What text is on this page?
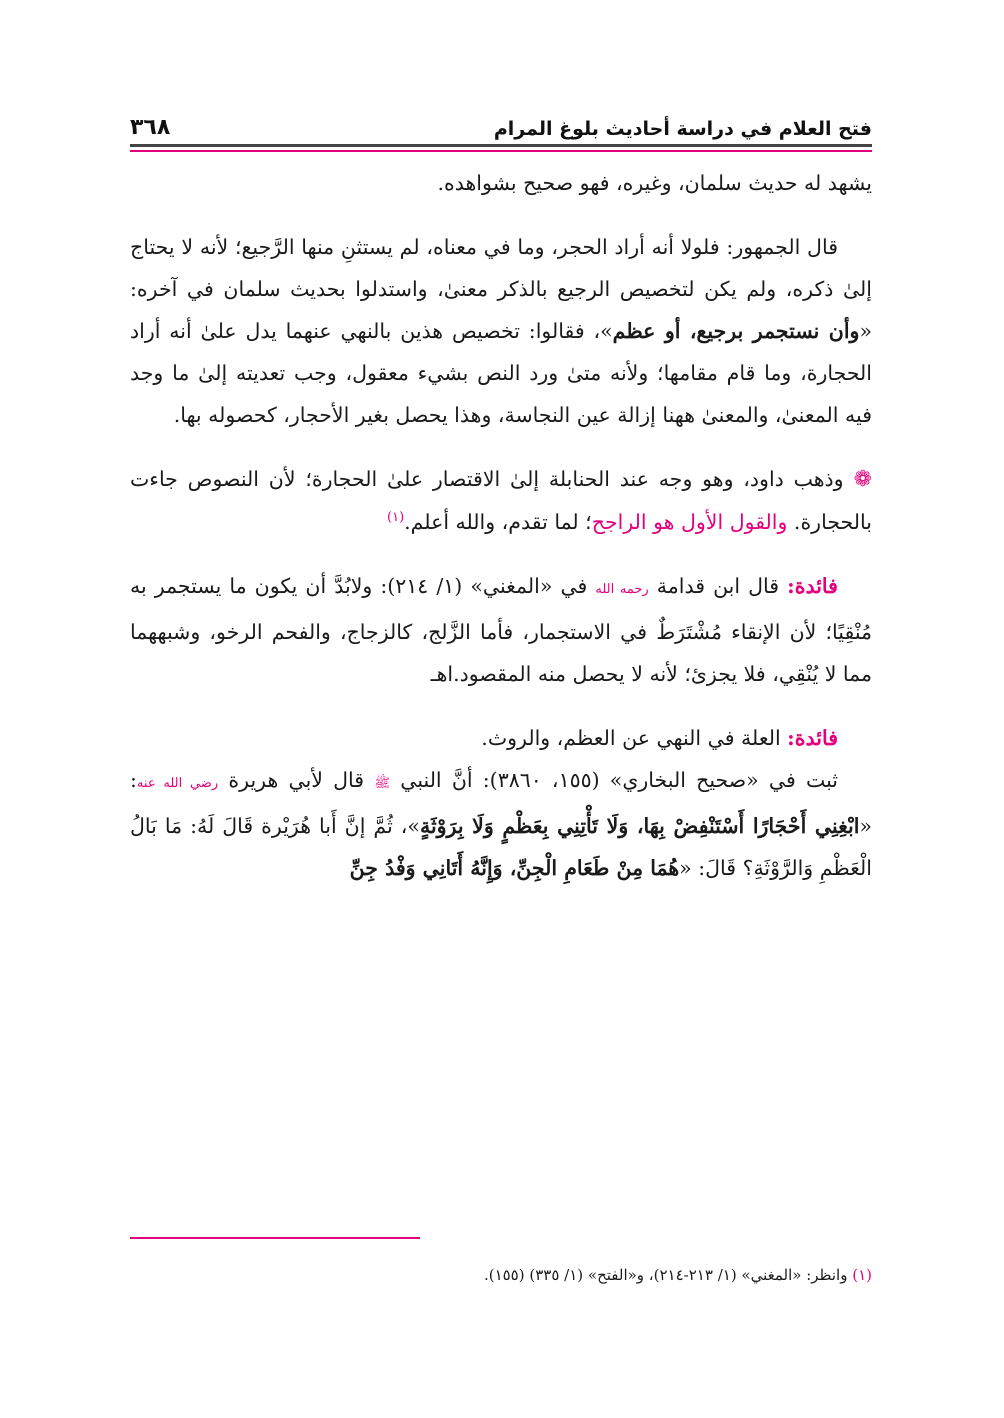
فتح العلام في دراسة أحاديث بلوغ المرام
٣٦٨

يشهد له حديث سلمان، وغيره، فهو صحيح بشواهده.

قال الجمهور: فلولا أنه أراد الحجر، وما في معناه، لم يستثنِ منها الرَّجيع؛ لأنه لا يحتاج إلىٰ ذكره، ولم يكن لتخصيص الرجيع بالذكر معنىٰ، واستدلوا بحديث سلمان في آخره: «وأن نستجمر برجيع، أو عظم»، فقالوا: تخصيص هذين بالنهي عنهما يدل علىٰ أنه أراد الحجارة، وما قام مقامها؛ ولأنه متىٰ ورد النص بشيء معقول، وجب تعديته إلىٰ ما وجد فيه المعنىٰ، والمعنىٰ ههنا إزالة عين النجاسة، وهذا يحصل بغير الأحجار، كحصوله بها.

❁وذهب داود، وهو وجه عند الحنابلة إلىٰ الاقتصار علىٰ الحجارة؛ لأن النصوص جاءت بالحجارة. والقول الأول هو الراجح؛ لما تقدم، والله أعلم.$^{(١)}$

فائدة: قال ابن قدامة رحمه الله في «المغني» (١/ ٢١٤): ولابُدَّ أن يكون ما يستجمر به مُنْقِيًا؛ لأن الإنقاء مُشْتَرَطٌ في الاستجمار، فأما الزَّلج، كالزجاج، والفحم الرخو، وشبههما مما لا يُنْقِي، فلا يجزئ؛ لأنه لا يحصل منه المقصود.اهـ

فائدة: العلة في النهي عن العظم، والروث.

ثبت في «صحيح البخاري» (١٥٥، ٣٨٦٠): أنَّ النبي ﷺ قال لأبي هريرة رضي الله عنه: «ابْغِنِي أَحْجَارًا أَسْتَنْفِضْ بِهَا، وَلَا تَأْتِنِي بِعَظْمٍ وَلَا بِرَوْثَةٍ»، ثُمَّ إنَّ أَبا هُرَيْرة قَالَ لَهُ: مَا بَالُ الْعَظْمِ وَالرَّوْثَةِ؟ قَالَ: «هُمَا مِنْ طَعَامِ الْجِنِّ، وَإِنَّهُ أَتَانِي وَفْدُ جِنِّ

(١) وانظر: «المغني» (١/ ٢١٣-٢١٤)، و«الفتح» (١/ ٣٣٥) (١٥٥).
